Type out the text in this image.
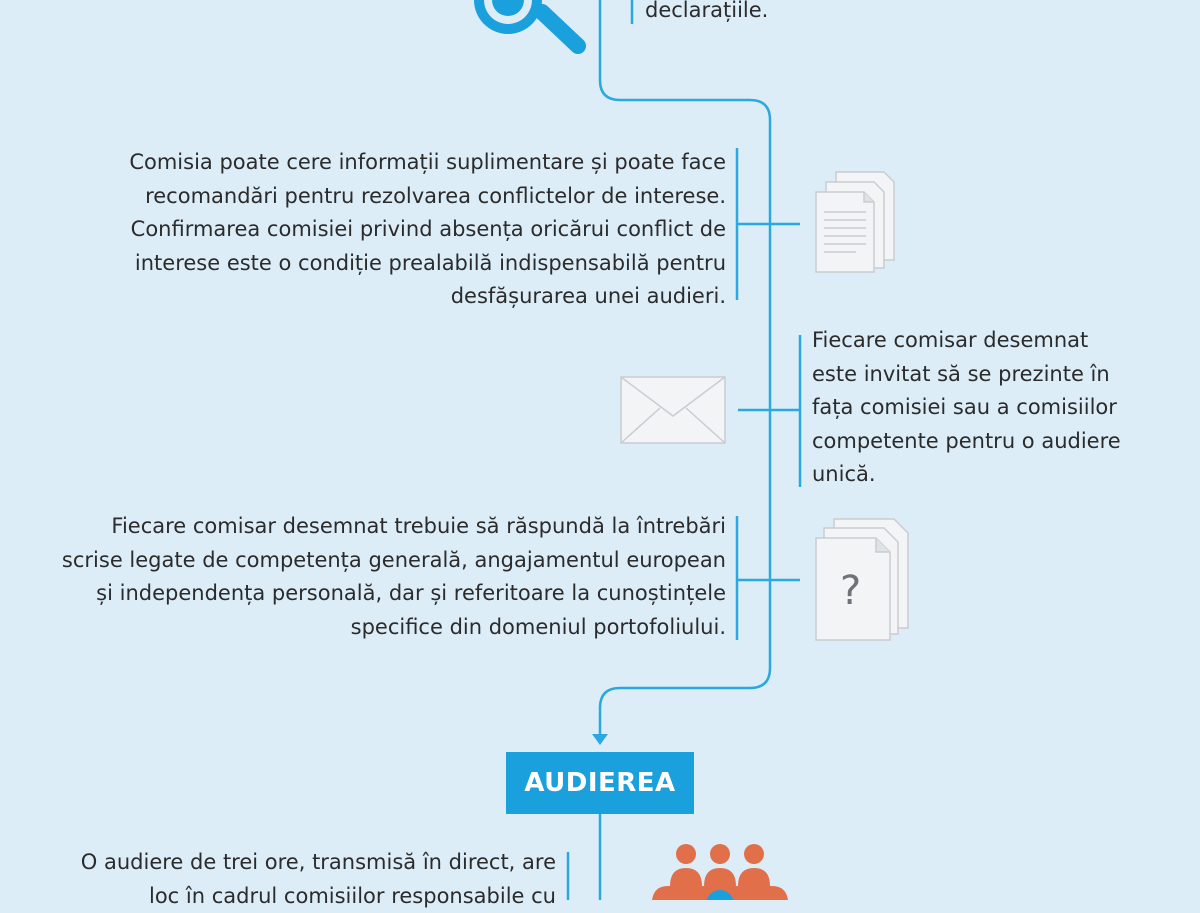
declarațiile.

Comisia poate cere informații suplimentare și poate face
recomandări pentru rezolvarea conflictelor de interese.
Confirmarea comisiei privind absența oricărui conflict de
interese este o condiție prealabilă indispensabilă pentru
desfășurarea unei audieri.
Fiecare comisar desemnat
este invitat să se prezinte în
fața comisiei sau a comisiilor
competente pentru o audiere
unică.
Fiecare comisar desemnat trebuie să răspundă la întrebări
scrise legate de competența generală, angajamentul european
și independența personală, dar și referitoare la cunoștințele
specifice din domeniul portofoliului.
?
AUDIEREA
O audiere de trei ore, transmisă în direct, are
loc în cadrul comisiilor responsabile cu
